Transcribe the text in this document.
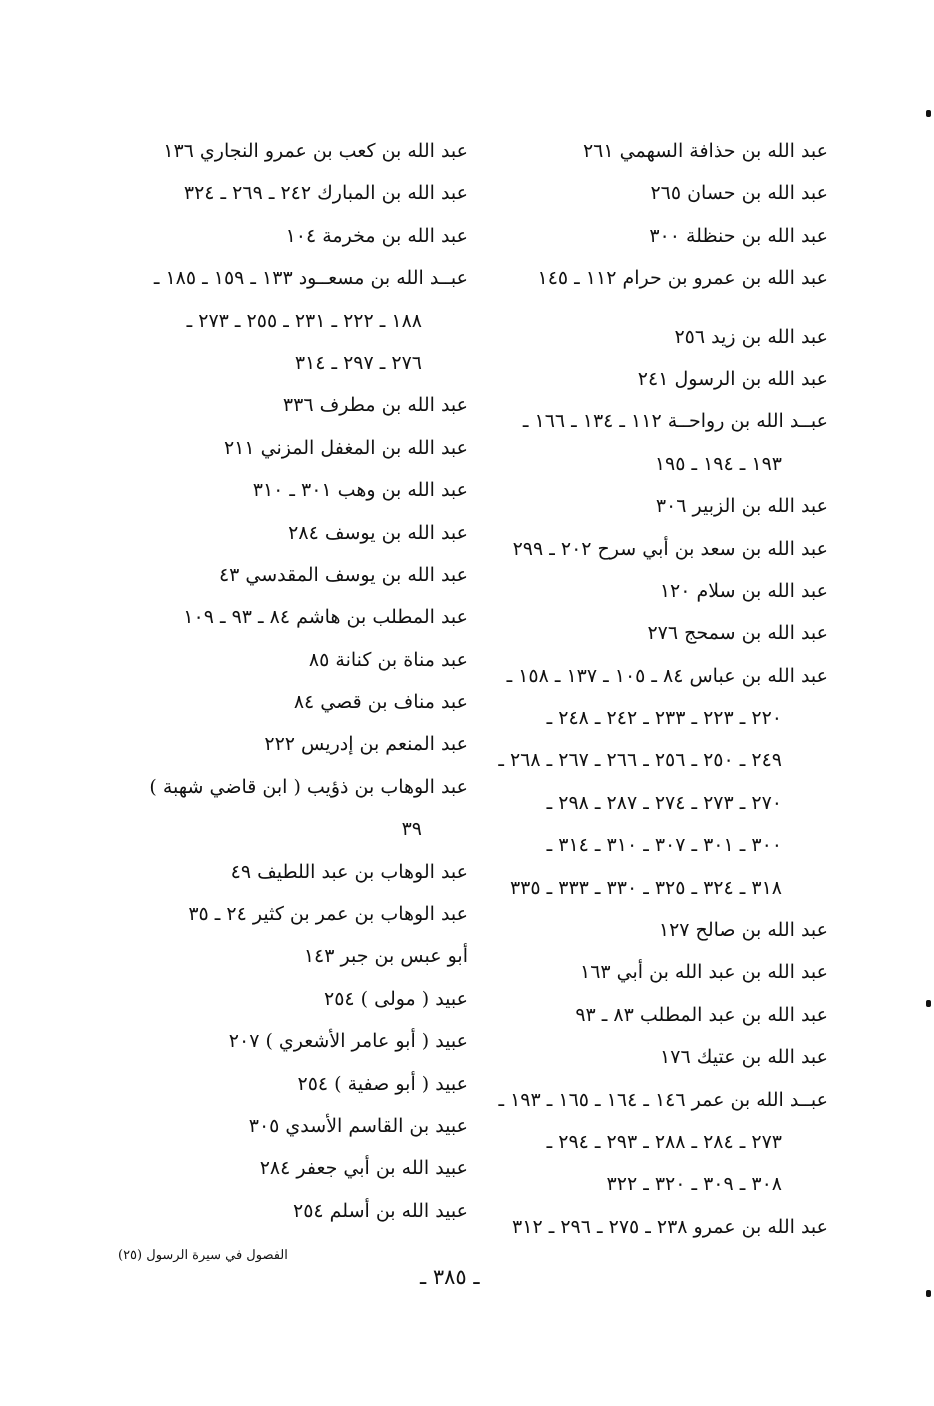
عبد الله بن حذافة السهمي ٢٦١
عبد الله بن حسان ٢٦٥
عبد الله بن حنظلة ٣٠٠
عبد الله بن عمرو بن حرام ١١٢ ـ ١٤٥
عبد الله بن زيد ٢٥٦
عبد الله بن الرسول ٢٤١
عبــد الله بن رواحــة ١١٢ ـ ١٣٤ ـ ١٦٦ ـ
١٩٣ ـ ١٩٤ ـ ١٩٥
عبد الله بن الزبير ٣٠٦
عبد الله بن سعد بن أبي سرح ٢٠٢ ـ ٢٩٩
عبد الله بن سلام ١٢٠
عبد الله بن سمحج ٢٧٦
عبد الله بن عباس ٨٤ ـ ١٠٥ ـ ١٣٧ ـ ١٥٨ ـ
٢٢٠ ـ ٢٢٣ ـ ٢٣٣ ـ ٢٤٢ ـ ٢٤٨ ـ
٢٤٩ ـ ٢٥٠ ـ ٢٥٦ ـ ٢٦٦ ـ ٢٦٧ ـ ٢٦٨ ـ
٢٧٠ ـ ٢٧٣ ـ ٢٧٤ ـ ٢٨٧ ـ ٢٩٨ ـ
٣٠٠ ـ ٣٠١ ـ ٣٠٧ ـ ٣١٠ ـ ٣١٤ ـ
٣١٨ ـ ٣٢٤ ـ ٣٢٥ ـ ٣٣٠ ـ ٣٣٣ ـ ٣٣٥
عبد الله بن صالح ١٢٧
عبد الله بن عبد الله بن أبي ١٦٣
عبد الله بن عبد المطلب ٨٣ ـ ٩٣
عبد الله بن عتيك ١٧٦
عبــد الله بن عمر ١٤٦ ـ ١٦٤ ـ ١٦٥ ـ ١٩٣ ـ
٢٧٣ ـ ٢٨٤ ـ ٢٨٨ ـ ٢٩٣ ـ ٢٩٤ ـ
٣٠٨ ـ ٣٠٩ ـ ٣٢٠ ـ ٣٢٢
عبد الله بن عمرو ٢٣٨ ـ ٢٧٥ ـ ٢٩٦ ـ ٣١٢
عبد الله بن كعب بن عمرو النجاري ١٣٦
عبد الله بن المبارك ٢٤٢ ـ ٢٦٩ ـ ٣٢٤
عبد الله بن مخرمة ١٠٤
عبــد الله بن مسعــود ١٣٣ ـ ١٥٩ ـ ١٨٥ ـ
١٨٨ ـ ٢٢٢ ـ ٢٣١ ـ ٢٥٥ ـ ٢٧٣ ـ
٢٧٦ ـ ٢٩٧ ـ ٣١٤
عبد الله بن مطرف ٣٣٦
عبد الله بن المغفل المزني ٢١١
عبد الله بن وهب ٣٠١ ـ ٣١٠
عبد الله بن يوسف ٢٨٤
عبد الله بن يوسف المقدسي ٤٣
عبد المطلب بن هاشم ٨٤ ـ ٩٣ ـ ١٠٩
عبد مناة بن كنانة ٨٥
عبد مناف بن قصي ٨٤
عبد المنعم بن إدريس ٢٢٢
عبد الوهاب بن ذؤيب ( ابن قاضي شهبة )
٣٩
عبد الوهاب بن عبد اللطيف ٤٩
عبد الوهاب بن عمر بن كثير ٢٤ ـ ٣٥
أبو عبس بن جبر ١٤٣
عبيد ( مولى ) ٢٥٤
عبيد ( أبو عامر الأشعري ) ٢٠٧
عبيد ( أبو صفية ) ٢٥٤
عبيد بن القاسم الأسدي ٣٠٥
عبيد الله بن أبي جعفر ٢٨٤
عبيد الله بن أسلم ٢٥٤
الفصول في سيرة الرسول (٢٥)
ـ ٣٨٥ ـ
